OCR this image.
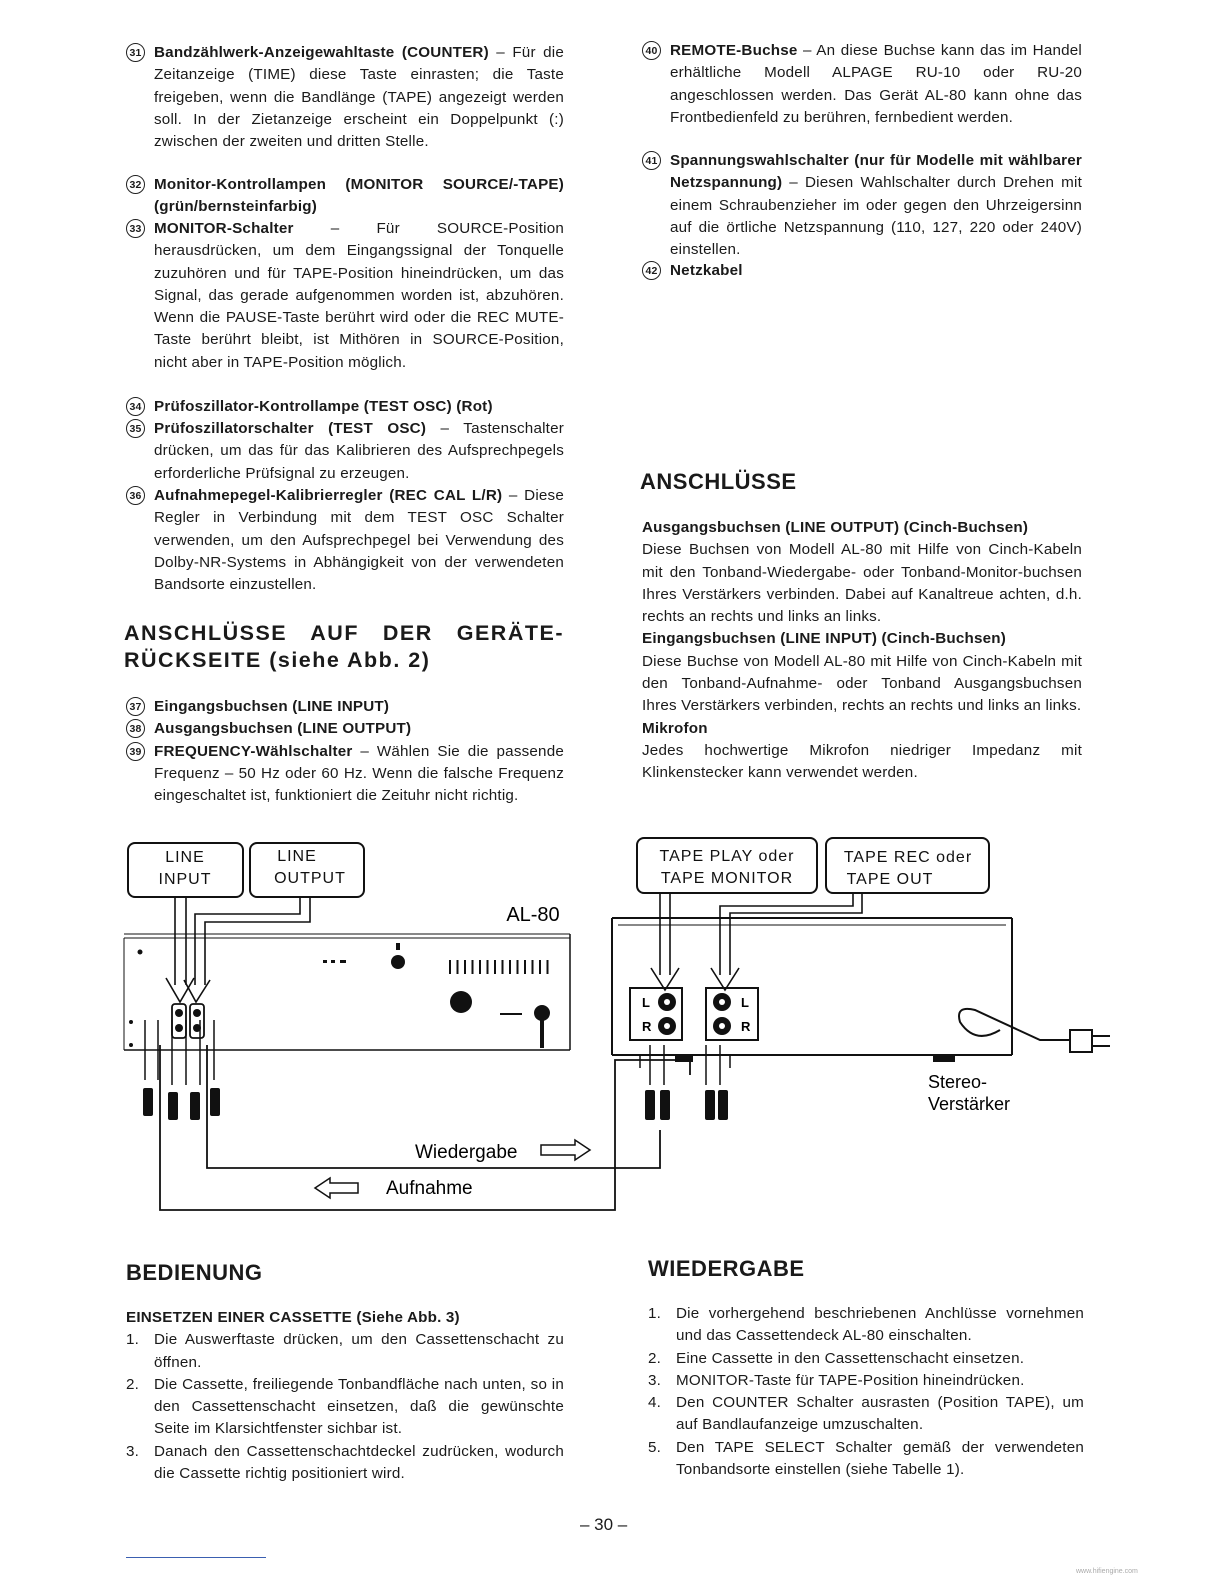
31 Bandzählwerk-Anzeigewahltaste (COUNTER) – Für die Zeitanzeige (TIME) diese Taste einrasten; die Taste freigeben, wenn die Bandlänge (TAPE) angezeigt werden soll. In der Zietanzeige erscheint ein Doppelpunkt (:) zwischen der zweiten und dritten Stelle.
32 Monitor-Kontrollampen (MONITOR SOURCE/-TAPE) (grün/bernsteinfarbig)
33 MONITOR-Schalter – Für SOURCE-Position herausdrücken, um dem Eingangssignal der Tonquelle zuzuhören und für TAPE-Position hineindrücken, um das Signal, das gerade aufgenommen worden ist, abzuhören. Wenn die PAUSE-Taste berührt wird oder die REC MUTE-Taste berührt bleibt, ist Mithören in SOURCE-Position, nicht aber in TAPE-Position möglich.
34 Prüfoszillator-Kontrollampe (TEST OSC) (Rot)
35 Prüfoszillatorschalter (TEST OSC) – Tastenschalter drücken, um das für das Kalibrieren des Aufsprechpegels erforderliche Prüfsignal zu erzeugen.
36 Aufnahmepegel-Kalibrierregler (REC CAL L/R) – Diese Regler in Verbindung mit dem TEST OSC Schalter verwenden, um den Aufsprechpegel bei Verwendung des Dolby-NR-Systems in Abhängigkeit von der verwendeten Bandsorte einzustellen.
ANSCHLÜSSE AUF DER GERÄTE-RÜCKSEITE (siehe Abb. 2)
37 Eingangsbuchsen (LINE INPUT)
38 Ausgangsbuchsen (LINE OUTPUT)
39 FREQUENCY-Wählschalter – Wählen Sie die passende Frequenz – 50 Hz oder 60 Hz. Wenn die falsche Frequenz eingeschaltet ist, funktioniert die Zeituhr nicht richtig.
40 REMOTE-Buchse – An diese Buchse kann das im Handel erhältliche Modell ALPAGE RU-10 oder RU-20 angeschlossen werden. Das Gerät AL-80 kann ohne das Frontbedienfeld zu berühren, fernbedient werden.
41 Spannungswahlschalter (nur für Modelle mit wählbarer Netzspannung) – Diesen Wahlschalter durch Drehen mit einem Schraubenzieher im oder gegen den Uhrzeigersinn auf die örtliche Netzspannung (110, 127, 220 oder 240V) einstellen.
42 Netzkabel
ANSCHLÜSSE

Ausgangsbuchsen (LINE OUTPUT) (Cinch-Buchsen)

Diese Buchsen von Modell AL-80 mit Hilfe von Cinch-Kabeln mit den Tonband-Wiedergabe- oder Tonband-Monitor-buchsen Ihres Verstärkers verbinden. Dabei auf Kanaltreue achten, d.h. rechts an rechts und links an links.

Eingangsbuchsen (LINE INPUT) (Cinch-Buchsen)

Diese Buchse von Modell AL-80 mit Hilfe von Cinch-Kabeln mit den Tonband-Aufnahme- oder Tonband Ausgangsbuchsen Ihres Verstärkers verbinden, rechts an rechts und links an links.

Mikrofon

Jedes hochwertige Mikrofon niedriger Impedanz mit Klinkenstecker kann verwendet werden.

LINE
INPUT
LINE
OUTPUT
TAPE PLAY oder
TAPE MONITOR
TAPE REC oder
TAPE OUT
AL-80
Stereo-
Verstärker
Wiedergabe
Aufnahme
L
R
L
R
BEDIENUNG

EINSETZEN EINER CASSETTE (Siehe Abb. 3)

1. Die Auswerftaste drücken, um den Cassettenschacht zu öffnen.
2. Die Cassette, freiliegende Tonbandfläche nach unten, so in den Cassettenschacht einsetzen, daß die gewünschte Seite im Klarsichtfenster sichbar ist.
3. Danach den Cassettenschachtdeckel zudrücken, wodurch die Cassette richtig positioniert wird.
WIEDERGABE
1. Die vorhergehend beschriebenen Anchlüsse vornehmen und das Cassettendeck AL-80 einschalten.
2. Eine Cassette in den Cassettenschacht einsetzen.
3. MONITOR-Taste für TAPE-Position hineindrücken.
4. Den COUNTER Schalter ausrasten (Position TAPE), um auf Bandlaufanzeige umzuschalten.
5. Den TAPE SELECT Schalter gemäß der verwendeten Tonbandsorte einstellen (siehe Tabelle 1).
– 30 –
www.hifiengine.com
